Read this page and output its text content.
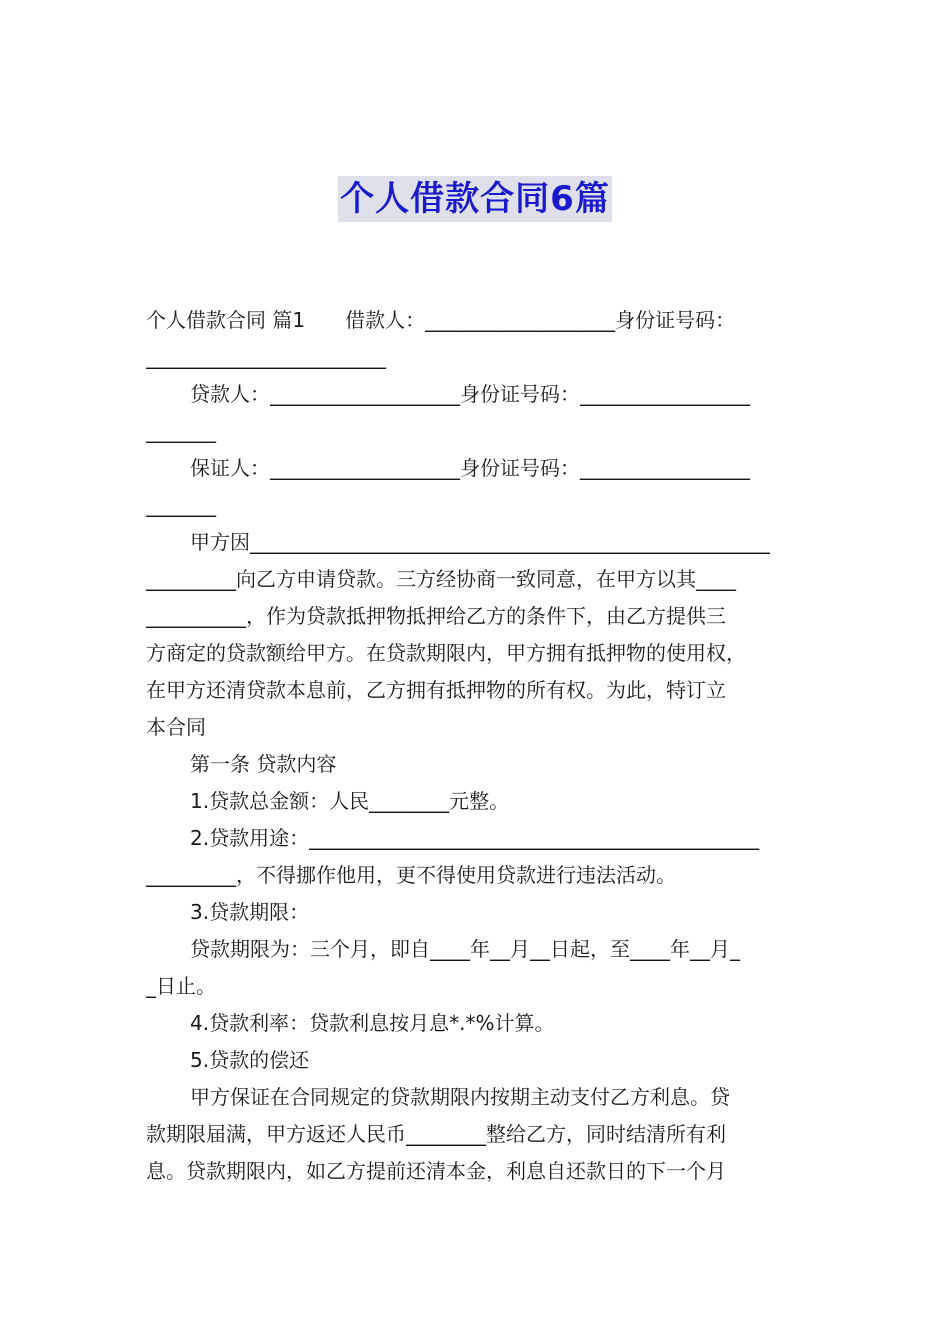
个人借款合同6篇

个人借款合同 篇1　　借款人：___________________身份证号码：

________________________

贷款人：___________________身份证号码：_________________

_______

保证人：___________________身份证号码：_________________

_______

甲方因____________________________________________________

_________向乙方申请贷款。三方经协商一致同意，在甲方以其____

__________，作为贷款抵押物抵押给乙方的条件下，由乙方提供三

方商定的贷款额给甲方。在贷款期限内，甲方拥有抵押物的使用权，

在甲方还清贷款本息前，乙方拥有抵押物的所有权。为此，特订立

本合同

第一条 贷款内容

1.贷款总金额：人民________元整。

2.贷款用途：_____________________________________________

_________，不得挪作他用，更不得使用贷款进行违法活动。

3.贷款期限：

贷款期限为：三个月，即自____年__月__日起，至____年__月_

_日止。

4.贷款利率：贷款利息按月息*.*%计算。

5.贷款的偿还

甲方保证在合同规定的贷款期限内按期主动支付乙方利息。贷

款期限届满，甲方返还人民币________整给乙方，同时结清所有利

息。贷款期限内，如乙方提前还清本金，利息自还款日的下一个月
